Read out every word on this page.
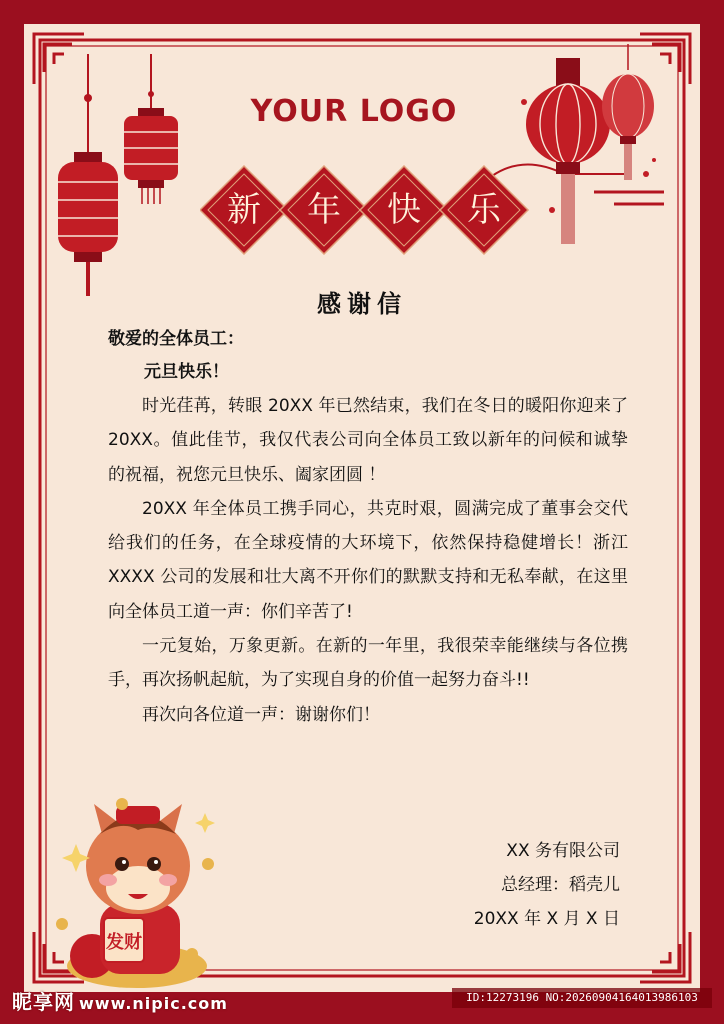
YOUR LOGO
新	年	快	乐
感谢信
敬爱的全体员工：
元旦快乐！

时光荏苒，转眼 20XX 年已然结束，我们在冬日的暖阳你迎来了 20XX。值此佳节，我仅代表公司向全体员工致以新年的问候和诚挚的祝福，祝您元旦快乐、阖家团圆 ！

20XX 年全体员工携手同心，共克时艰，圆满完成了董事会交代给我们的任务，在全球疫情的大环境下，依然保持稳健增长！浙江 XXXX 公司的发展和壮大离不开你们的默默支持和无私奉献，在这里向全体员工道一声：你们辛苦了!

一元复始，万象更新。在新的一年里，我很荣幸能继续与各位携手，再次扬帆起航，为了实现自身的价值一起努力奋斗!!

再次向各位道一声：谢谢你们！

XX 务有限公司
总经理：稻壳儿
20XX 年 X 月 X 日
发财
昵享网 www.nipic.com	ID:12273196 NO:20260904164013986103
